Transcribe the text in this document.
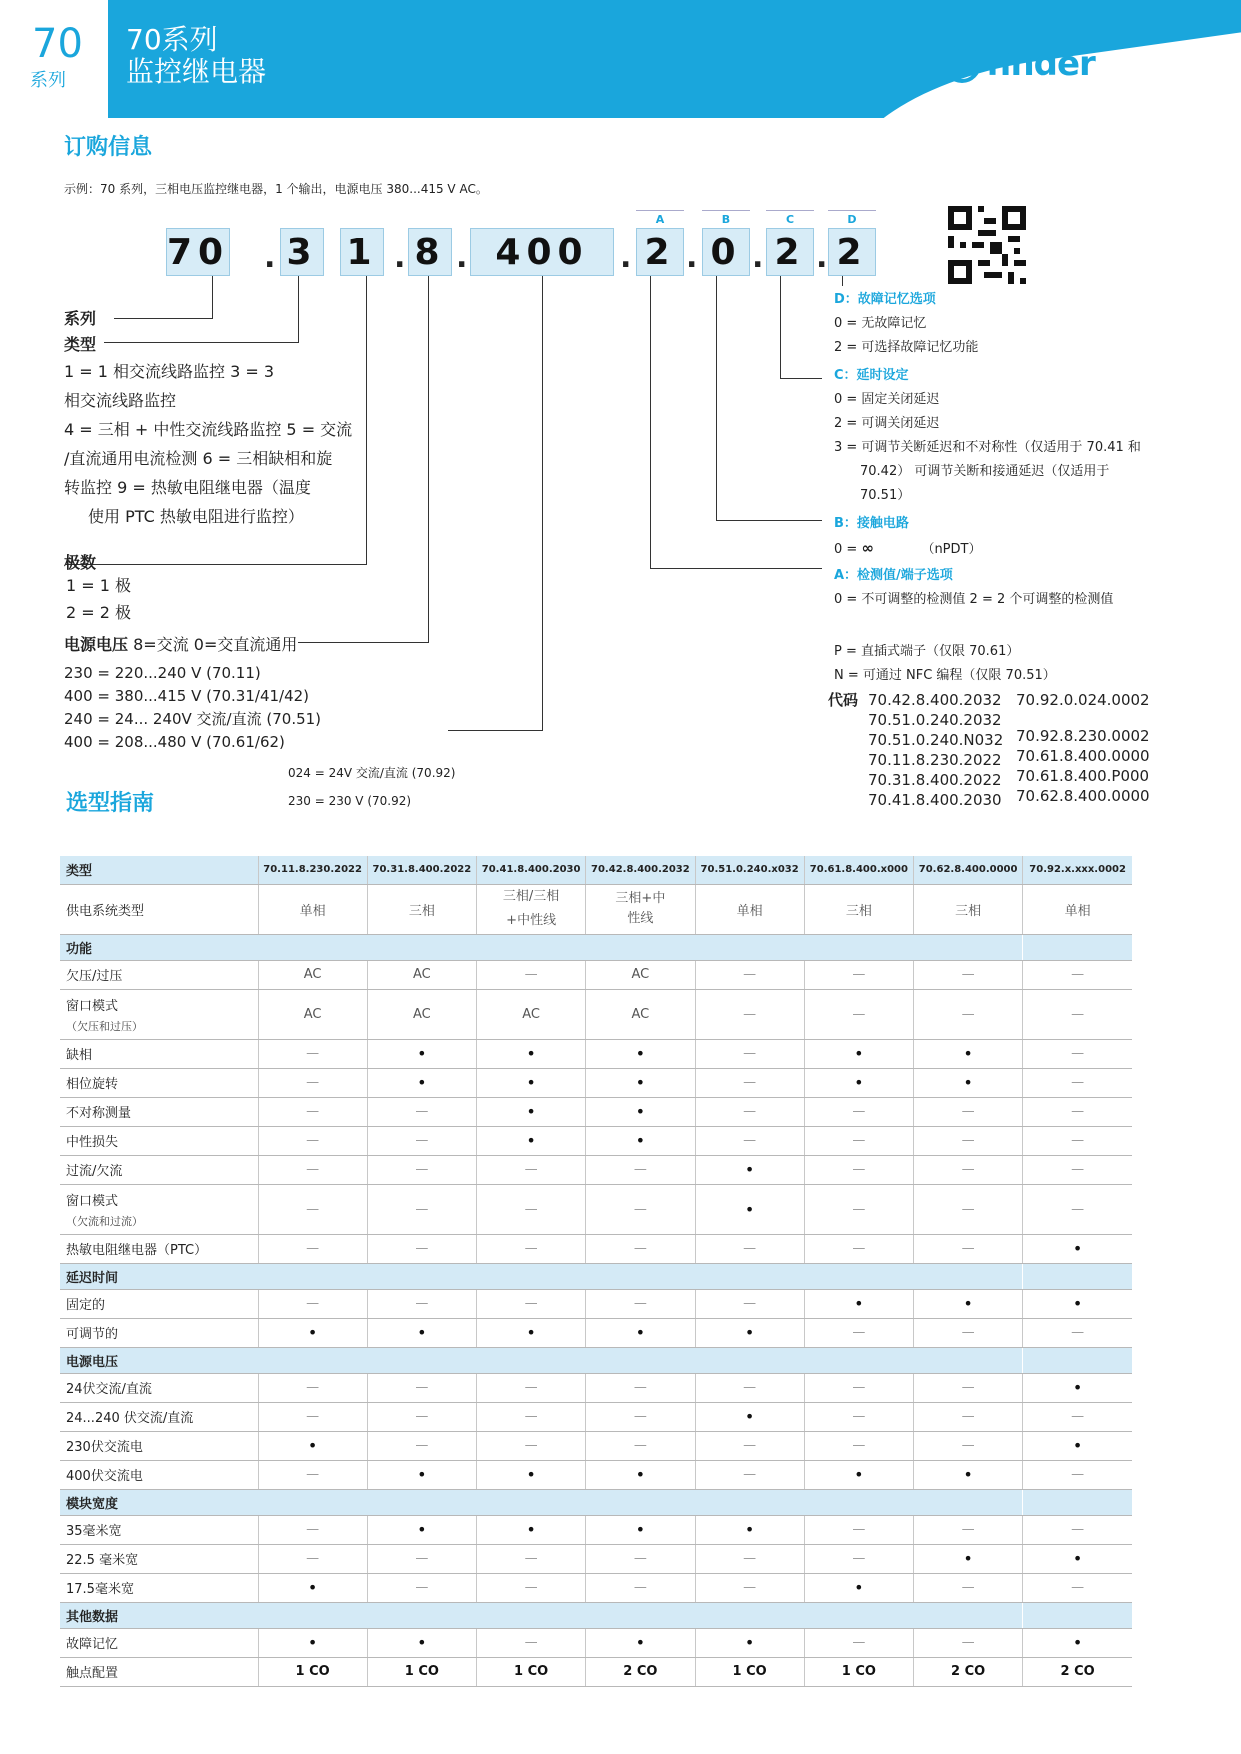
70
系列
70系列
监控继电器	finder
订购信息
示例：70 系列，三相电压监控继电器，1 个输出，电源电压 380...415 V AC。
70 . 3 1 . 8 . 400	. 2 . 0 . 2 . 2
A	B	C	D
系列
类型
1 = 1 相交流线路监控 3 = 3
相交流线路监控
4 = 三相 + 中性交流线路监控 5 = 交流
/直流通用电流检测 6 = 三相缺相和旋
转监控 9 = 热敏电阻继电器（温度
使用 PTC 热敏电阻进行监控）
极数
1 = 1 极
2 = 2 极
电源电压 8=交流 0=交直流通用
230 = 220...240 V (70.11)
400 = 380...415 V (70.31/41/42)
240 = 24... 240V 交流/直流 (70.51)
400 = 208...480 V (70.61/62)
024 = 24V 交流/直流 (70.92)
230 = 230 V (70.92)
D：故障记忆选项
0 = 无故障记忆
2 = 可选择故障记忆功能
C：延时设定
0 = 固定关闭延迟
2 = 可调关闭延迟
3 = 可调节关断延迟和不对称性（仅适用于 70.41 和
70.42） 可调节关断和接通延迟（仅适用于
70.51）
B：接触电路
0 = ∞	（nPDT）
A：检测值/端子选项
0 = 不可调整的检测值 2 = 2 个可调整的检测值
P = 直插式端子（仅限 70.61）
N = 可通过 NFC 编程（仅限 70.51）
代码 70.42.8.400.2032
70.51.0.240.2032
70.51.0.240.N032
70.11.8.230.2022
70.31.8.400.2022
70.41.8.400.2030
70.92.0.024.0002
70.92.8.230.0002
70.61.8.400.0000
70.61.8.400.P000
70.62.8.400.0000
选型指南
类型	70.11.8.230.2022	70.31.8.400.2022	70.41.8.400.2030	70.42.8.400.2032	70.51.0.240.x032	70.61.8.400.x000	70.62.8.400.0000	70.92.x.xxx.0002
供电系统类型	单相	三相	三相/三相+中性线	三相+中性线	单相	三相	三相	单相
功能								
欠压/过压	AC	AC	—	AC	—	—	—	—
窗口模式
（欠压和过压）	AC	AC	AC	AC	—	—	—	—
缺相	—	•	•	•	—	•	•	—
相位旋转	—	•	•	•	—	•	•	—
不对称测量	—	—	•	•	—	—	—	—
中性损失	—	—	•	•	—	—	—	—
过流/欠流	—	—	—	—	•	—	—	—
窗口模式
（欠流和过流）	—	—	—	—	•	—	—	—
热敏电阻继电器（PTC）	—	—	—	—	—	—	—	•
延迟时间								
固定的	—	—	—	—	—	•	•	•
可调节的	•	•	•	•	•	—	—	—
电源电压								
24伏交流/直流	—	—	—	—	—	—	—	•
24...240 伏交流/直流	—	—	—	—	•	—	—	—
230伏交流电	•	—	—	—	—	—	—	•
400伏交流电	—	•	•	•	—	•	•	—
模块宽度								
35毫米宽	—	•	•	•	•	—	—	—
22.5 毫米宽	—	—	—	—	—	—	•	•
17.5毫米宽	•	—	—	—	—	•	—	—
其他数据								
故障记忆	•	•	—	•	•	—	—	•
触点配置	1 CO	1 CO	1 CO	2 CO	1 CO	1 CO	2 CO	2 CO
